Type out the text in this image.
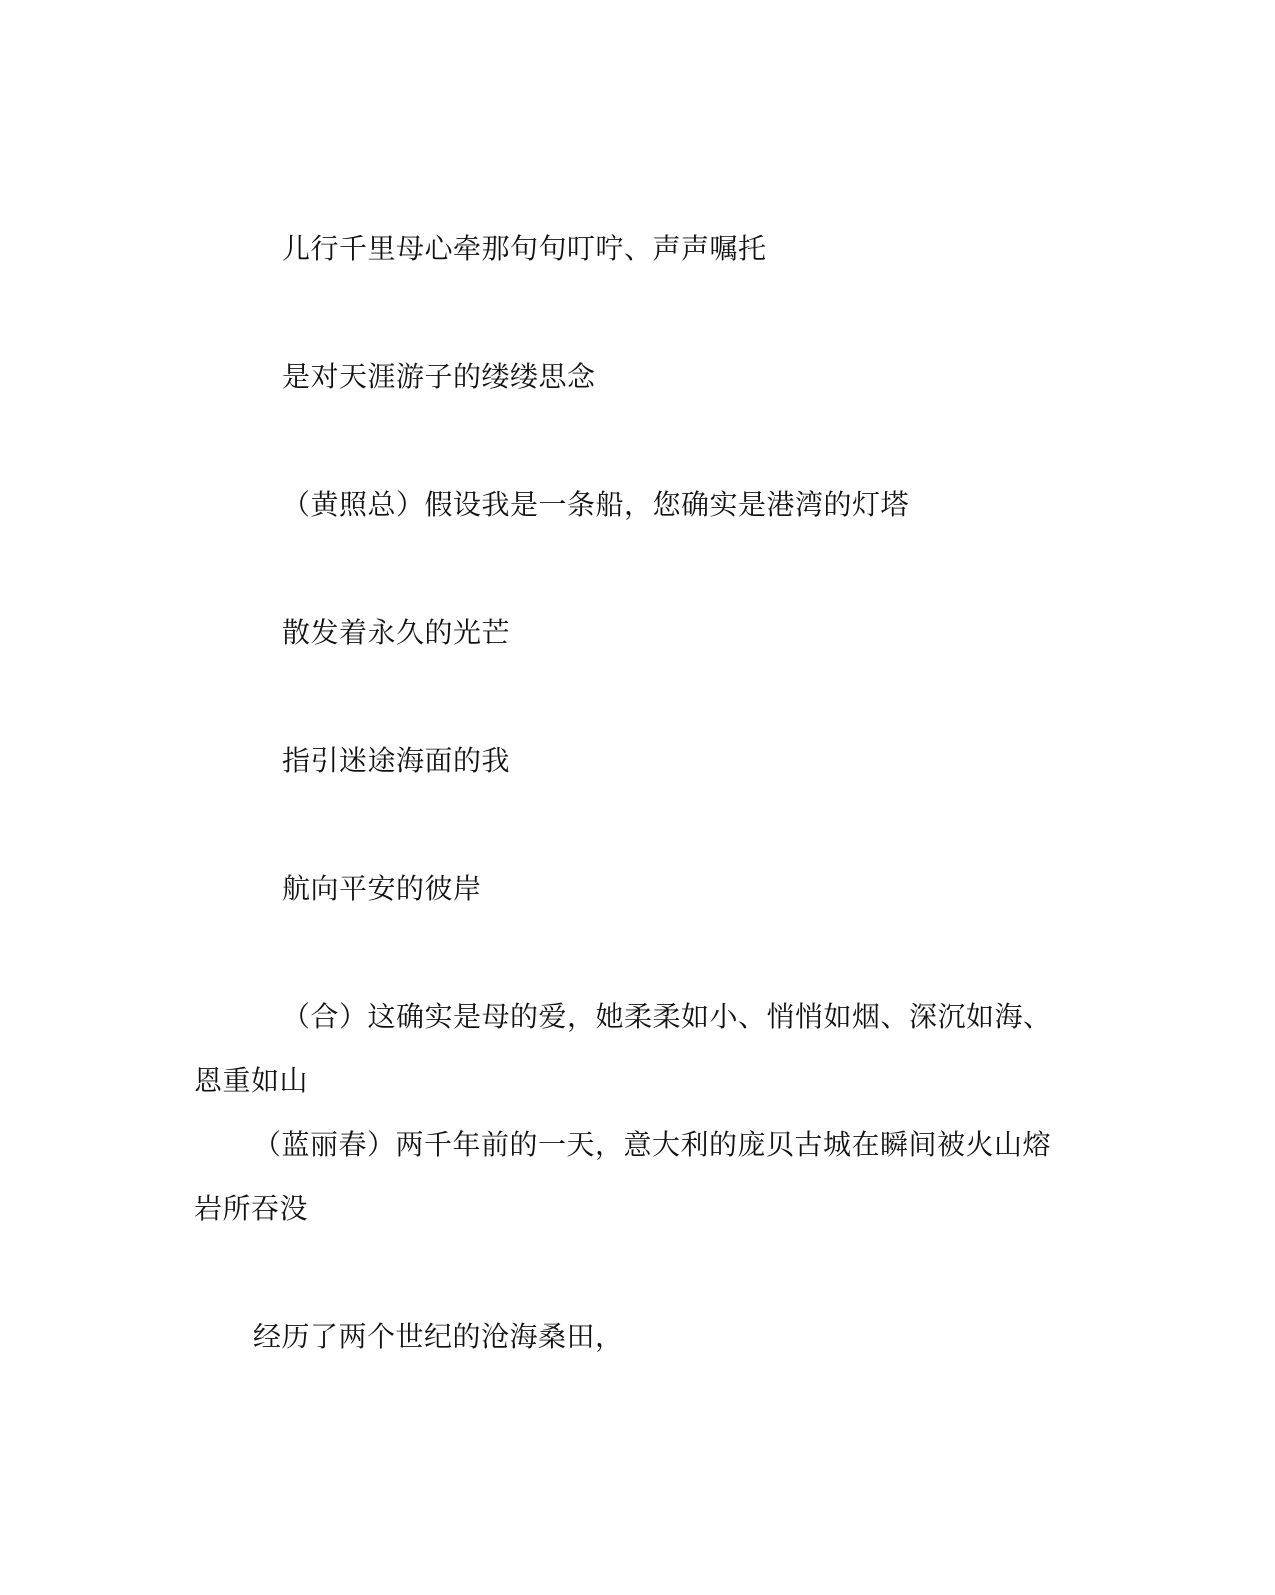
儿行千里母心牵那句句叮咛、声声嘱托

是对天涯游子的缕缕思念

（黄照总）假设我是一条船，您确实是港湾的灯塔

散发着永久的光芒

指引迷途海面的我

航向平安的彼岸

（合）这确实是母的爱，她柔柔如小、悄悄如烟、深沉如海、

恩重如山

（蓝丽春）两千年前的一天，意大利的庞贝古城在瞬间被火山熔

岩所吞没

经历了两个世纪的沧海桑田，
